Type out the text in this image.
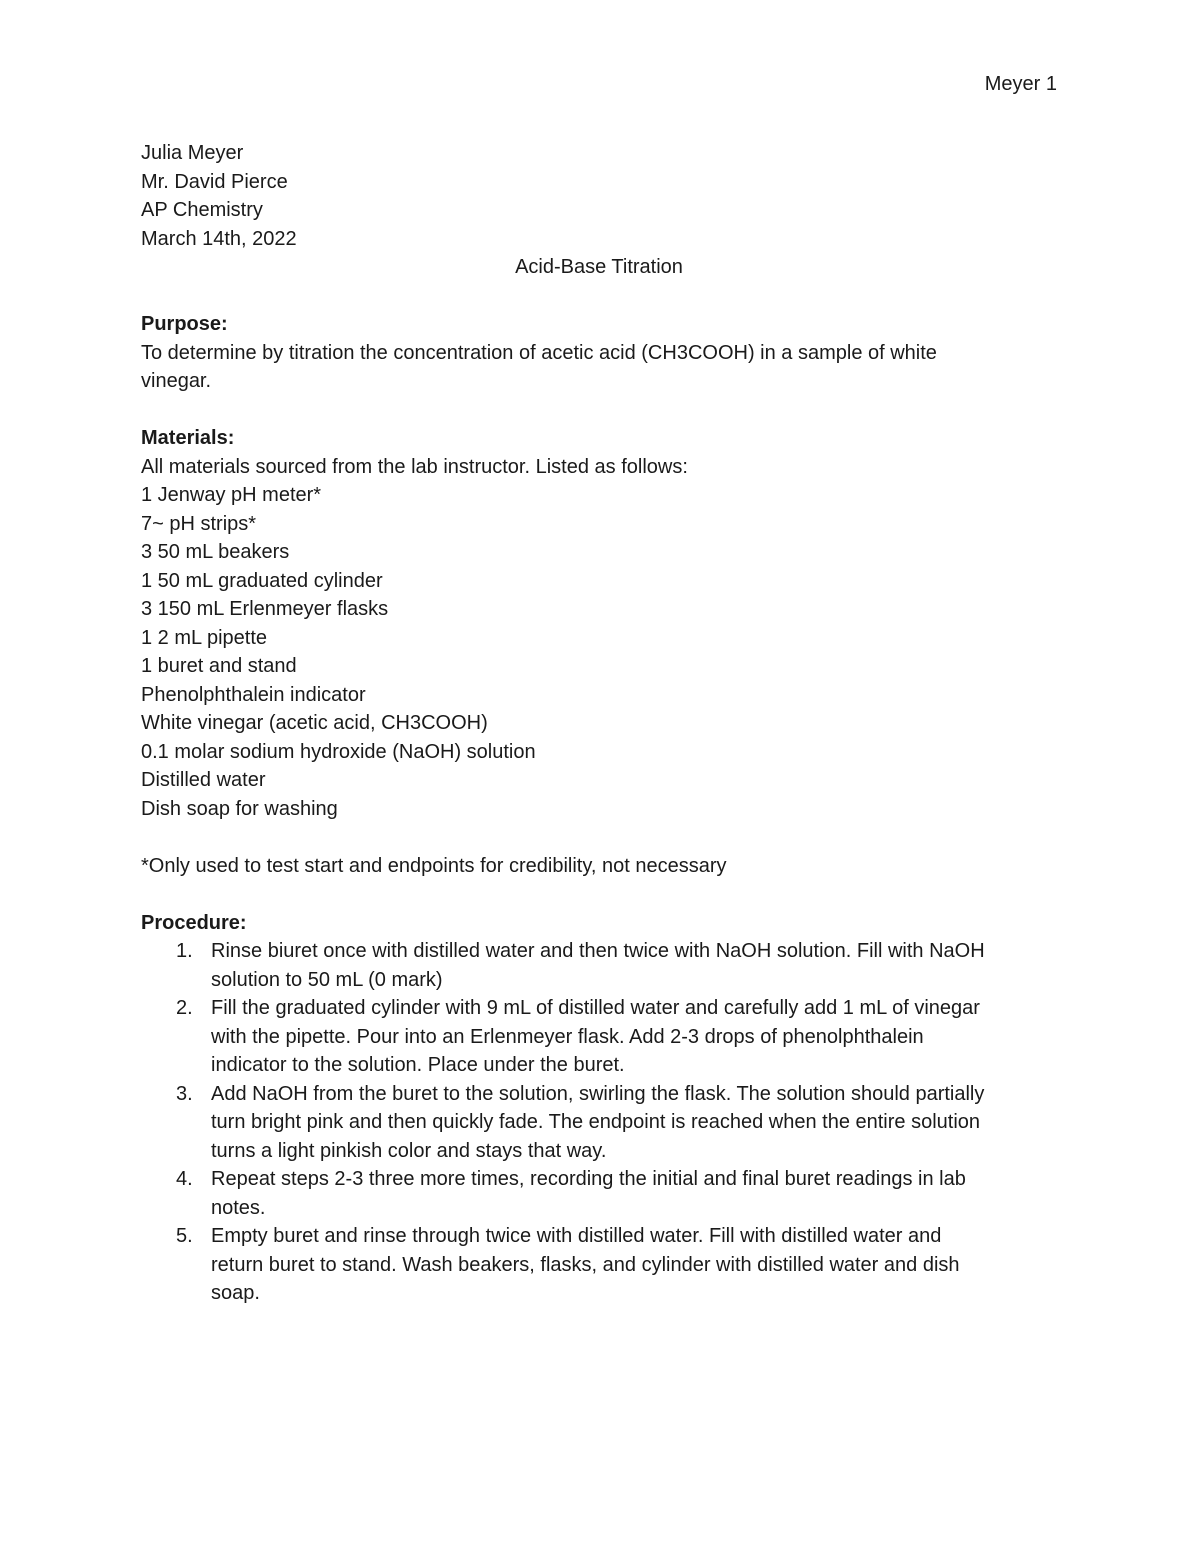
Meyer 1
Julia Meyer
Mr. David Pierce
AP Chemistry
March 14th, 2022
Acid-Base Titration
Purpose:
To determine by titration the concentration of acetic acid (CH3COOH) in a sample of white
vinegar.
Materials:
All materials sourced from the lab instructor. Listed as follows:
1 Jenway pH meter*
7~ pH strips*
3 50 mL beakers
1 50 mL graduated cylinder
3 150 mL Erlenmeyer flasks
1 2 mL pipette
1 buret and stand
Phenolphthalein indicator
White vinegar (acetic acid, CH3COOH)
0.1 molar sodium hydroxide (NaOH) solution
Distilled water
Dish soap for washing
*Only used to test start and endpoints for credibility, not necessary
Procedure:
1. Rinse biuret once with distilled water and then twice with NaOH solution. Fill with NaOH
solution to 50 mL (0 mark)
2. Fill the graduated cylinder with 9 mL of distilled water and carefully add 1 mL of vinegar
with the pipette. Pour into an Erlenmeyer flask. Add 2-3 drops of phenolphthalein
indicator to the solution. Place under the buret.
3. Add NaOH from the buret to the solution, swirling the flask. The solution should partially
turn bright pink and then quickly fade. The endpoint is reached when the entire solution
turns a light pinkish color and stays that way.
4. Repeat steps 2-3 three more times, recording the initial and final buret readings in lab
notes.
5. Empty buret and rinse through twice with distilled water. Fill with distilled water and
return buret to stand. Wash beakers, flasks, and cylinder with distilled water and dish
soap.
